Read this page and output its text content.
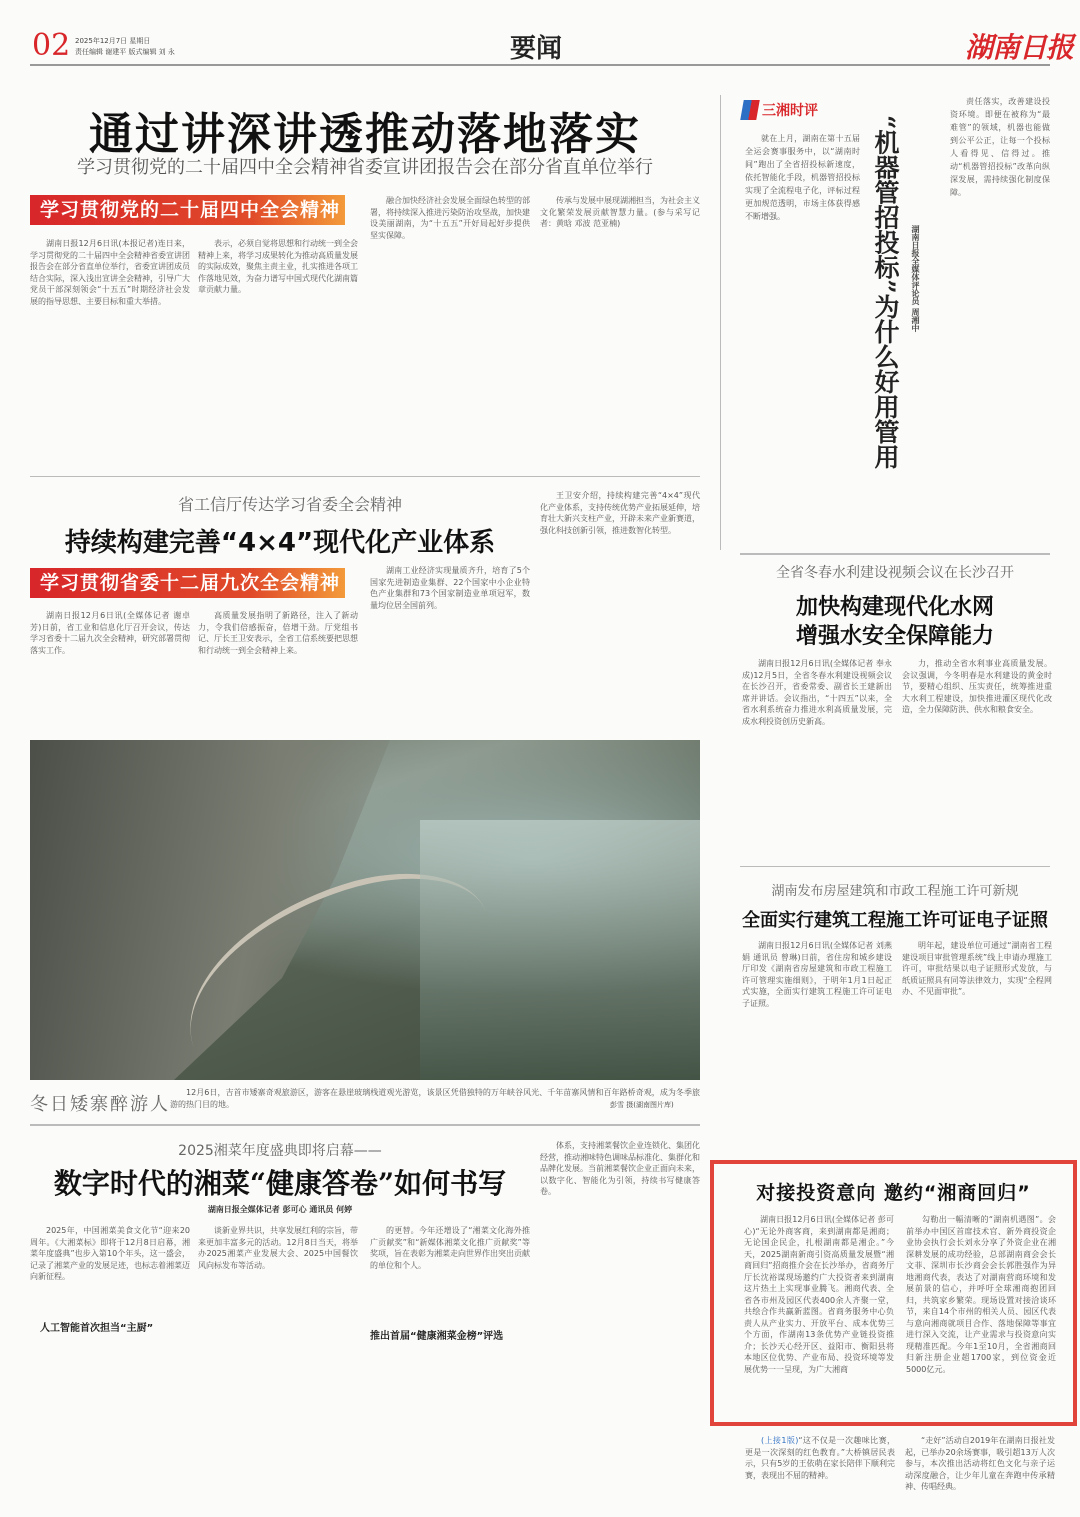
02 2025年12月7日 星期日
责任编辑 谢建平 版式编辑 刘 永	要闻	湖南日报
通过讲深讲透推动落地落实
学习贯彻党的二十届四中全会精神省委宣讲团报告会在部分省直单位举行
学习贯彻党的二十届四中全会精神
湖南日报12月6日讯(本报记者)连日来，学习贯彻党的二十届四中全会精神省委宣讲团报告会在部分省直单位举行，省委宣讲团成员结合实际，深入浅出宣讲全会精神，引导广大党员干部深刻领会“十五五”时期经济社会发展的指导思想、主要目标和重大举措。
表示，必须自觉将思想和行动统一到全会精神上来，将学习成果转化为推动高质量发展的实际成效，聚焦主责主业，扎实推进各项工作落地见效，为奋力谱写中国式现代化湖南篇章贡献力量。
融合加快经济社会发展全面绿色转型的部署，将持续深入推进污染防治攻坚战，加快建设美丽湖南，为“十五五”开好局起好步提供坚实保障。
传承与发展中展现湖湘担当，为社会主义文化繁荣发展贡献智慧力量。(参与采写记者：黄晗 邓波 范亚楠)
三湘时评
就在上月，湖南在第十五届全运会赛事服务中，以“湖南时间”跑出了全省招投标新速度，依托智能化手段，机器管招投标实现了全流程电子化，评标过程更加规范透明，市场主体获得感不断增强。	“机器管招投标”为什么好用管用 湖南日报全媒体评论员 周湘中
责任落实，改善建设投资环境。即便在被称为“最难管”的领域，机器也能做到公平公正，让每一个投标人看得见、信得过。推动“机器管招投标”改革向纵深发展，需持续强化制度保障。
省工信厅传达学习省委全会精神
持续构建完善“4×4”现代化产业体系
学习贯彻省委十二届九次全会精神
湖南日报12月6日讯(全媒体记者 谢卓芳)日前，省工业和信息化厅召开会议，传达学习省委十二届九次全会精神，研究部署贯彻落实工作。
高质量发展指明了新路径，注入了新动力，令我们倍感振奋，倍增干劲。厅党组书记、厅长王卫安表示，全省工信系统要把思想和行动统一到全会精神上来。
湖南工业经济实现量质齐升，培育了5个国家先进制造业集群、22个国家中小企业特色产业集群和73个国家制造业单项冠军，数量均位居全国前列。
王卫安介绍，持续构建完善“4×4”现代化产业体系，支持传统优势产业拓展延伸，培育壮大新兴支柱产业，开辟未来产业新赛道，强化科技创新引领，推进数智化转型。
冬日矮寨醉游人
12月6日，吉首市矮寨奇观旅游区，游客在悬崖玻璃栈道观光游览，该景区凭借独特的万年峡谷风光、千年苗寨风情和百年路桥奇观，成为冬季旅游的热门目的地。	彭雪 摄(湖南图片库)
2025湘菜年度盛典即将启幕——
数字时代的湘菜“健康答卷”如何书写
湖南日报全媒体记者 彭可心 通讯员 何婷
2025年，中国湘菜美食文化节“迎来20周年。《大湘菜标》即将于12月8日启幕，湘菜年度盛典”也步入第10个年头，这一盛会，记录了湘菜产业的发展足迹，也标志着湘菜迈向新征程。
人工智能首次担当“主厨”
谈新业界共识，共享发展红利的宗旨，带来更加丰富多元的活动。12月8日当天，将举办2025湘菜产业发展大会、2025中国餐饮风向标发布等活动。
的更替。今年还增设了“湘菜文化海外推广贡献奖”和“新媒体湘菜文化推广贡献奖”等奖项，旨在表彰为湘菜走向世界作出突出贡献的单位和个人。
推出首届“健康湘菜金榜”评选
体系，支持湘菜餐饮企业连锁化、集团化经营，推动湘味特色调味品标准化、集群化和品牌化发展。当前湘菜餐饮企业正面向未来，以数字化、智能化为引领，持续书写健康答卷。
全省冬春水利建设视频会议在长沙召开
加快构建现代化水网
增强水安全保障能力
湖南日报12月6日讯(全媒体记者 奉永成)12月5日，全省冬春水利建设视频会议在长沙召开，省委常委、副省长王建新出席并讲话。会议指出，“十四五”以来，全省水利系统奋力推进水利高质量发展，完成水利投资创历史新高。
力，推动全省水利事业高质量发展。会议强调，今冬明春是水利建设的黄金时节，要精心组织、压实责任，统筹推进重大水利工程建设，加快推进灌区现代化改造，全力保障防洪、供水和粮食安全。
湖南发布房屋建筑和市政工程施工许可新规
全面实行建筑工程施工许可证电子证照
湖南日报12月6日讯(全媒体记者 刘燕娟 通讯员 曾琳)日前，省住房和城乡建设厅印发《湖南省房屋建筑和市政工程施工许可管理实施细则》，于明年1月1日起正式实施，全面实行建筑工程施工许可证电子证照。
明年起，建设单位可通过“湖南省工程建设项目审批管理系统”线上申请办理施工许可，审批结果以电子证照形式发放，与纸质证照具有同等法律效力，实现“全程网办、不见面审批”。
对接投资意向 邀约“湘商回归”
湖南日报12月6日讯(全媒体记者 彭可心)“无论外商客商，来到湖南都是湘商；无论国企民企，扎根湖南都是湘企。”今天，2025湖南新商引资高质量发展暨“湘商回归”招商推介会在长沙举办，省商务厅厅长沈裕谋现场邀约广大投资者来到湖南这片热土上实现事业腾飞。湘商代表、全省各市州及园区代表400余人齐聚一堂，共绘合作共赢新蓝图。省商务服务中心负责人从产业实力、开放平台、成本优势三个方面，作湖南13条优势产业链投资推介；长沙天心经开区、益阳市、衡阳县将本地区位优势、产业布局、投资环境等发展优势一一呈现，为广大湘商
勾勒出一幅清晰的“湖南机遇图”。会前举办中国区首席技术官、新外商投资企业协会执行会长刘永分享了外资企业在湘深耕发展的成功经验，总部湖南商会会长文菲、深圳市长沙商会会长郭胜强作为异地湘商代表，表达了对湖南营商环境和发展前景的信心，并呼吁全球湘商抱团回归，共筑家乡繁荣。现场设置对接洽谈环节，来自14个市州的相关人员、园区代表与意向湘商就项目合作、落地保障等事宜进行深入交流，让产业需求与投资意向实现精准匹配。今年1至10月，全省湘商回归新注册企业超1700家，到位资金近5000亿元。
(上接1版)“这不仅是一次趣味比赛，更是一次深刻的红色教育。”大桥镇居民表示，只有5岁的王依萌在家长陪伴下顺利完赛，表现出不屈的精神。
“走好”活动自2019年在湖南日报社发起，已举办20余场赛事，吸引超13万人次参与，本次推出活动将红色文化与亲子运动深度融合，让少年儿童在奔跑中传承精神、传唱经典。
